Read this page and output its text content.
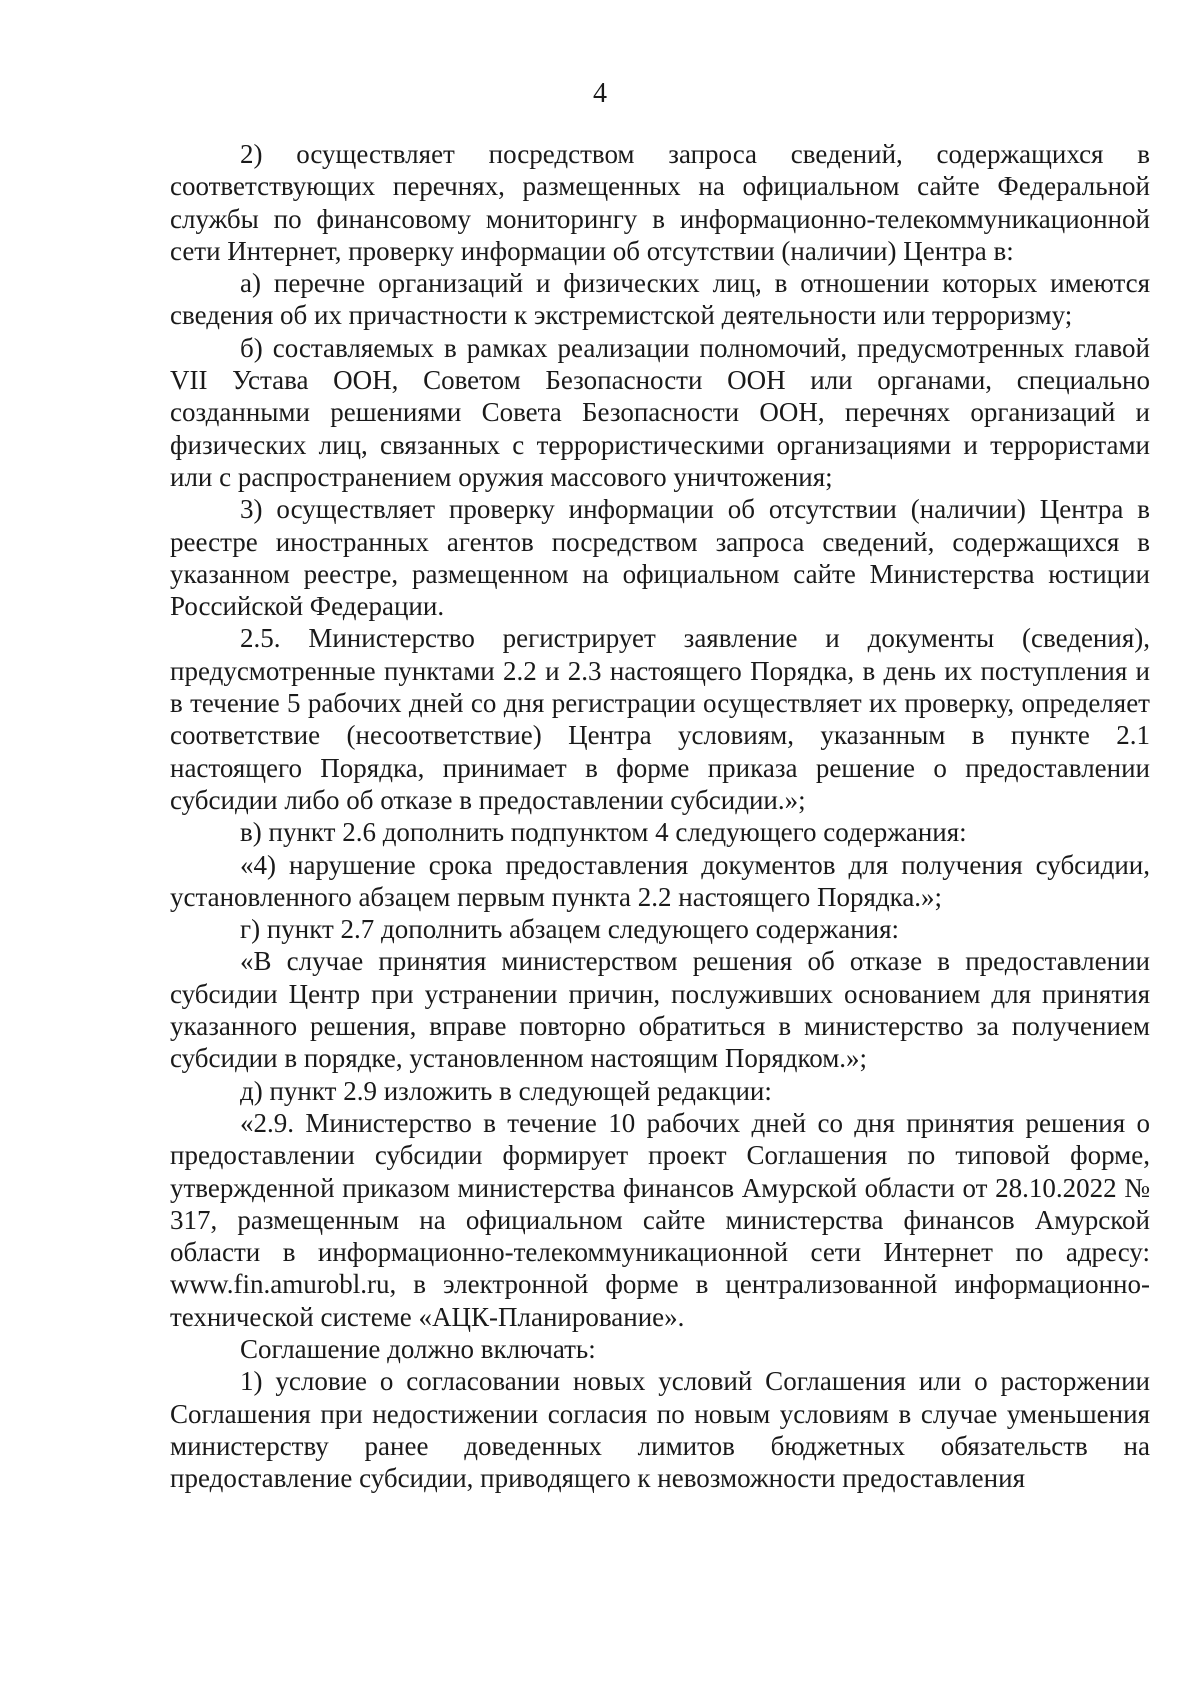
4

2) осуществляет посредством запроса сведений, содержащихся в соответствующих перечнях, размещенных на официальном сайте Федеральной службы по финансовому мониторингу в информационно-телекоммуникационной сети Интернет, проверку информации об отсутствии (наличии) Центра в:

а) перечне организаций и физических лиц, в отношении которых имеются сведения об их причастности к экстремистской деятельности или терроризму;

б) составляемых в рамках реализации полномочий, предусмотренных главой VII Устава ООН, Советом Безопасности ООН или органами, специально созданными решениями Совета Безопасности ООН, перечнях организаций и физических лиц, связанных с террористическими организациями и террористами или с распространением оружия массового уничтожения;

3) осуществляет проверку информации об отсутствии (наличии) Центра в реестре иностранных агентов посредством запроса сведений, содержащихся в указанном реестре, размещенном на официальном сайте Министерства юстиции Российской Федерации.

2.5. Министерство регистрирует заявление и документы (сведения), предусмотренные пунктами 2.2 и 2.3 настоящего Порядка, в день их поступления и в течение 5 рабочих дней со дня регистрации осуществляет их проверку, определяет соответствие (несоответствие) Центра условиям, указанным в пункте 2.1 настоящего Порядка, принимает в форме приказа решение о предоставлении субсидии либо об отказе в предоставлении субсидии.»;

в) пункт 2.6 дополнить подпунктом 4 следующего содержания:

«4) нарушение срока предоставления документов для получения субсидии, установленного абзацем первым пункта 2.2 настоящего Порядка.»;

г) пункт 2.7 дополнить абзацем следующего содержания:

«В случае принятия министерством решения об отказе в предоставлении субсидии Центр при устранении причин, послуживших основанием для принятия указанного решения, вправе повторно обратиться в министерство за получением субсидии в порядке, установленном настоящим Порядком.»;

д) пункт 2.9 изложить в следующей редакции:

«2.9. Министерство в течение 10 рабочих дней со дня принятия решения о предоставлении субсидии формирует проект Соглашения по типовой форме, утвержденной приказом министерства финансов Амурской области от 28.10.2022 № 317, размещенным на официальном сайте министерства финансов Амурской области в информационно-телекоммуникационной сети Интернет по адресу: www.fin.amurobl.ru, в электронной форме в централизованной информационно-технической системе «АЦК-Планирование».

Соглашение должно включать:

1) условие о согласовании новых условий Соглашения или о расторжении Соглашения при недостижении согласия по новым условиям в случае уменьшения министерству ранее доведенных лимитов бюджетных обязательств на предоставление субсидии, приводящего к невозможности предоставления
